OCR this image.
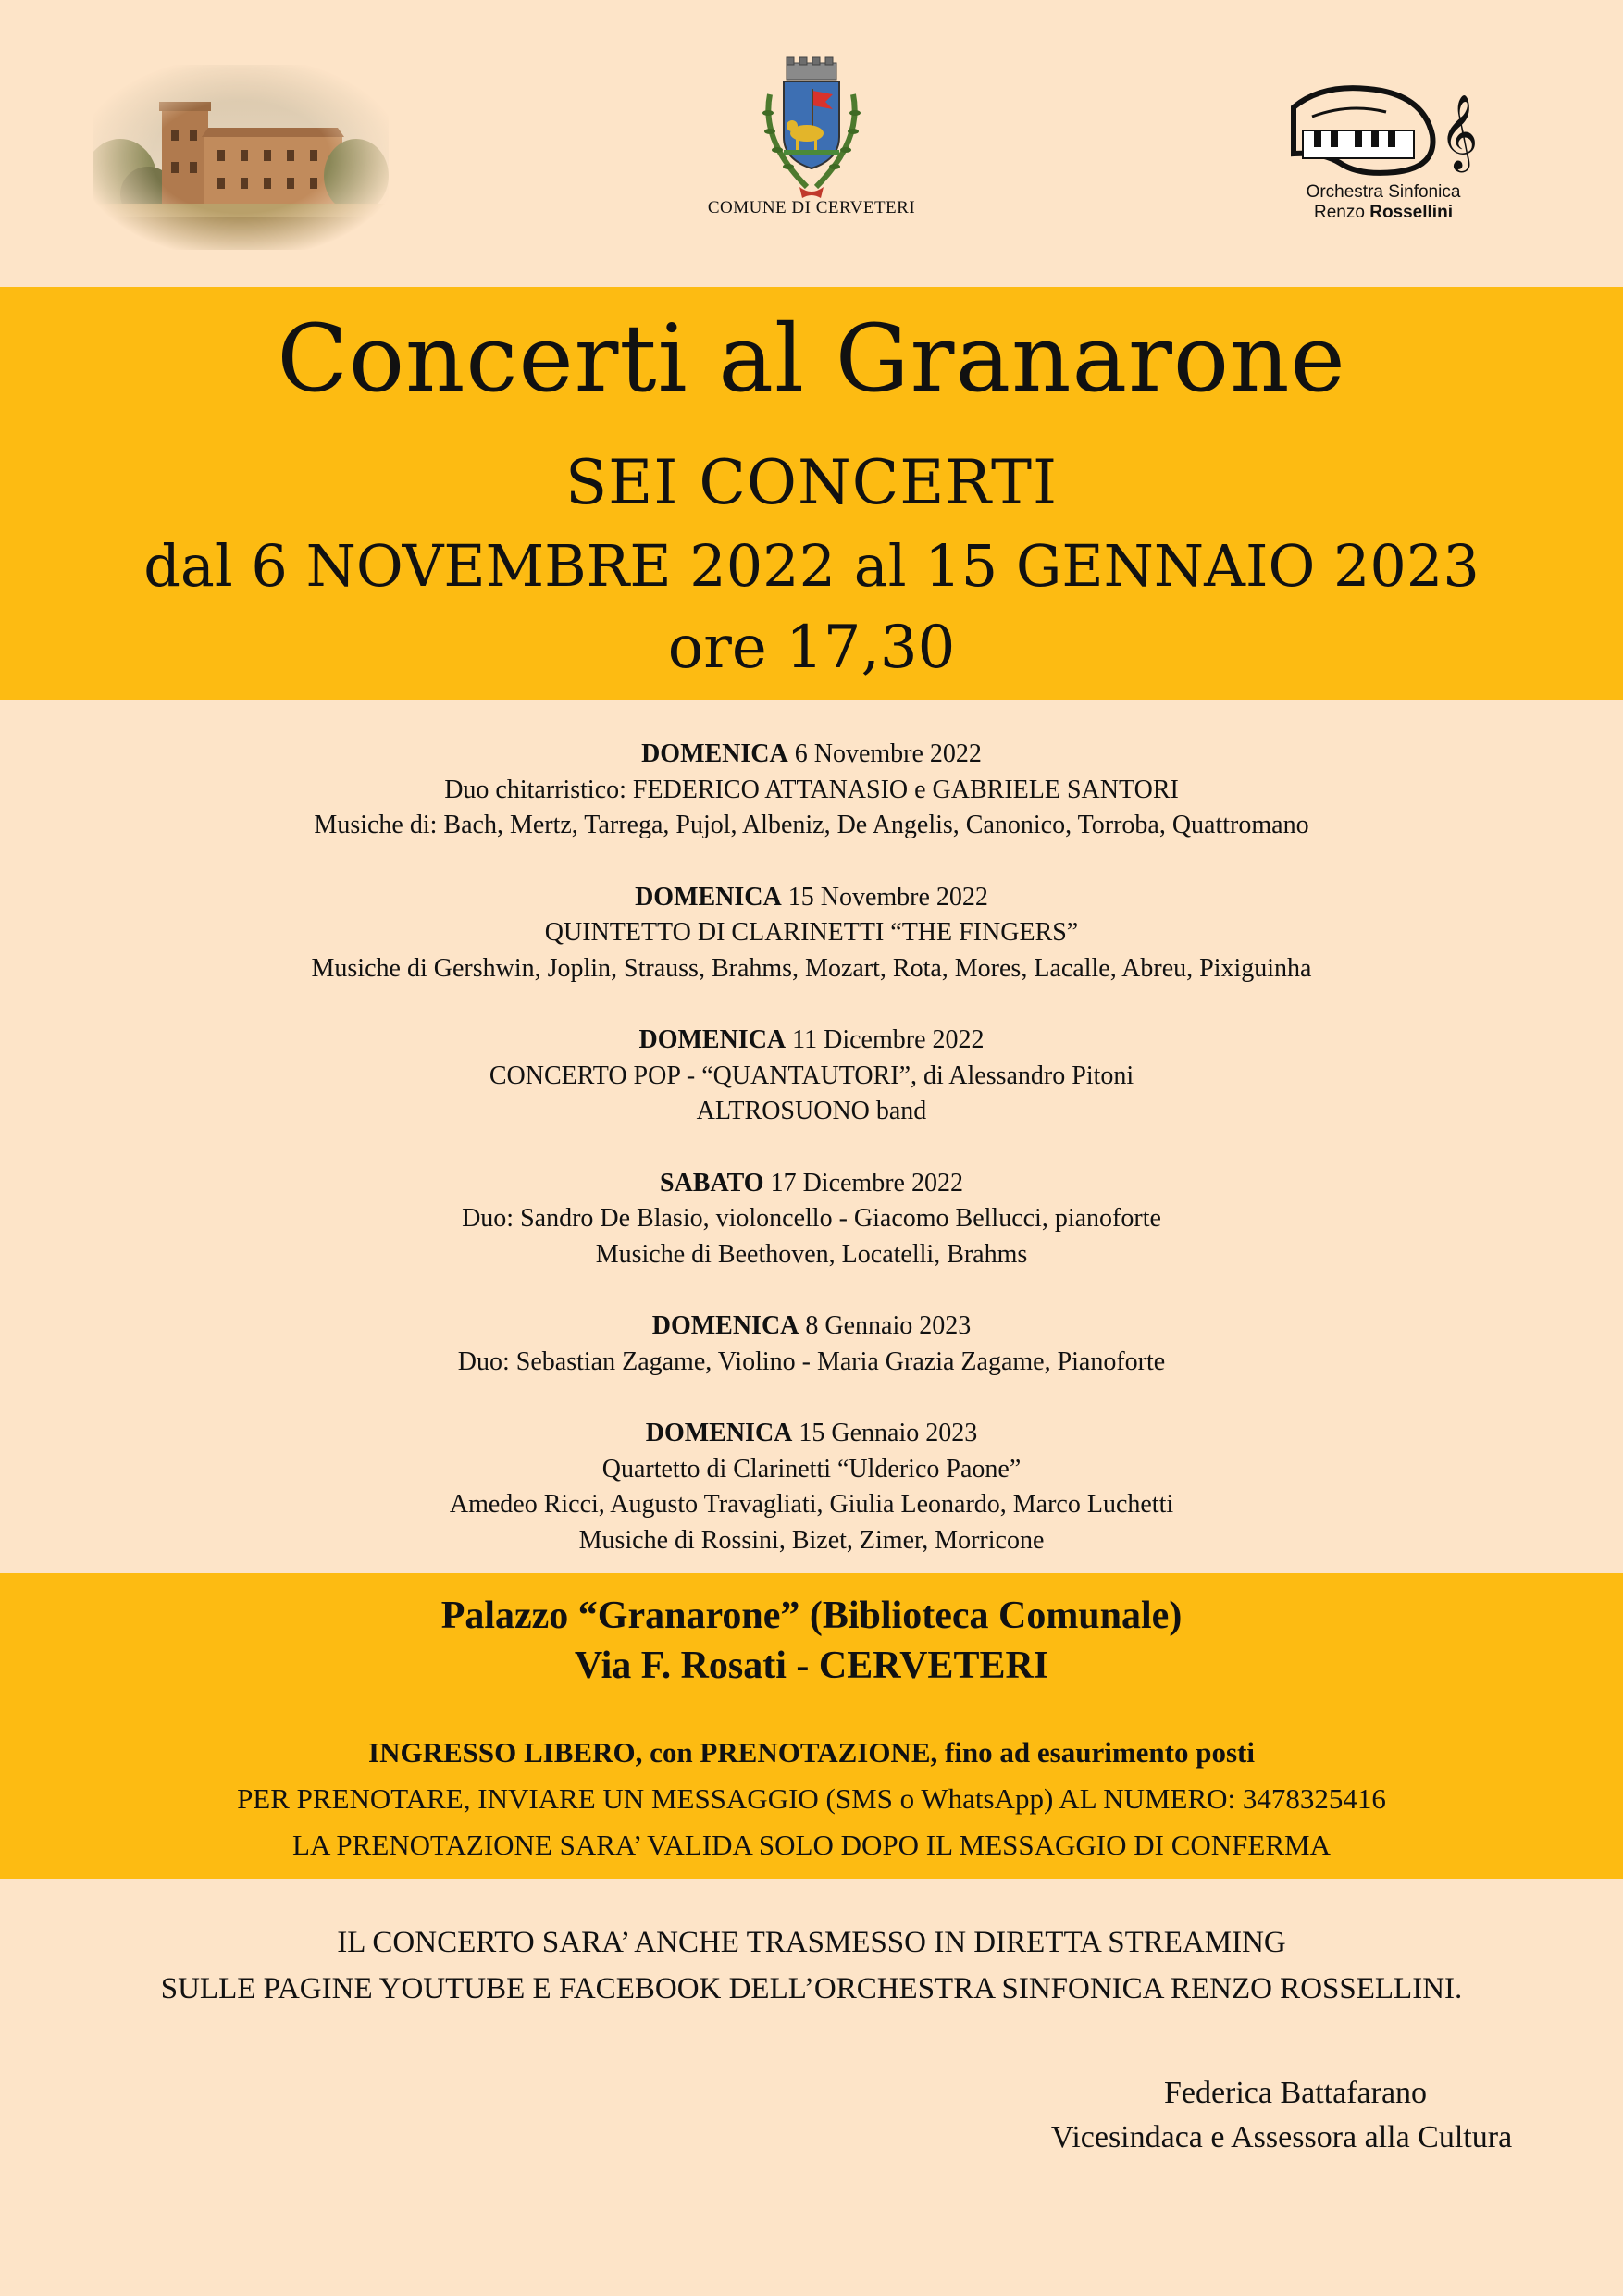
COMUNE DI CERVETERI
𝄞
Orchestra Sinfonica
Renzo Rossellini
Concerti al Granarone
SEI CONCERTI
dal 6 NOVEMBRE 2022 al 15 GENNAIO 2023
ore 17,30
DOMENICA 6 Novembre 2022
Duo chitarristico: FEDERICO ATTANASIO e GABRIELE SANTORI
Musiche di: Bach, Mertz, Tarrega, Pujol, Albeniz, De Angelis, Canonico, Torroba, Quattromano
DOMENICA 15 Novembre 2022
QUINTETTO DI CLARINETTI “THE FINGERS”
Musiche di Gershwin, Joplin, Strauss, Brahms, Mozart, Rota, Mores, Lacalle, Abreu, Pixiguinha
DOMENICA 11 Dicembre 2022
CONCERTO POP - “QUANTAUTORI”, di Alessandro Pitoni
ALTROSUONO band
SABATO 17 Dicembre 2022
Duo: Sandro De Blasio, violoncello - Giacomo Bellucci, pianoforte
Musiche di Beethoven, Locatelli, Brahms
DOMENICA 8 Gennaio 2023
Duo: Sebastian Zagame, Violino - Maria Grazia Zagame, Pianoforte
DOMENICA 15 Gennaio 2023
Quartetto di Clarinetti “Ulderico Paone”
Amedeo Ricci, Augusto Travagliati, Giulia Leonardo, Marco Luchetti
Musiche di Rossini, Bizet, Zimer, Morricone
Palazzo “Granarone” (Biblioteca Comunale)
Via F. Rosati - CERVETERI
INGRESSO LIBERO, con PRENOTAZIONE, fino ad esaurimento posti
PER PRENOTARE, INVIARE UN MESSAGGIO (SMS o WhatsApp) AL NUMERO: 3478325416
LA PRENOTAZIONE SARA’ VALIDA SOLO DOPO IL MESSAGGIO DI CONFERMA
IL CONCERTO SARA’ ANCHE TRASMESSO IN DIRETTA STREAMING
SULLE PAGINE YOUTUBE E FACEBOOK DELL’ORCHESTRA SINFONICA RENZO ROSSELLINI.
Federica Battafarano
Vicesindaca e Assessora alla Cultura
